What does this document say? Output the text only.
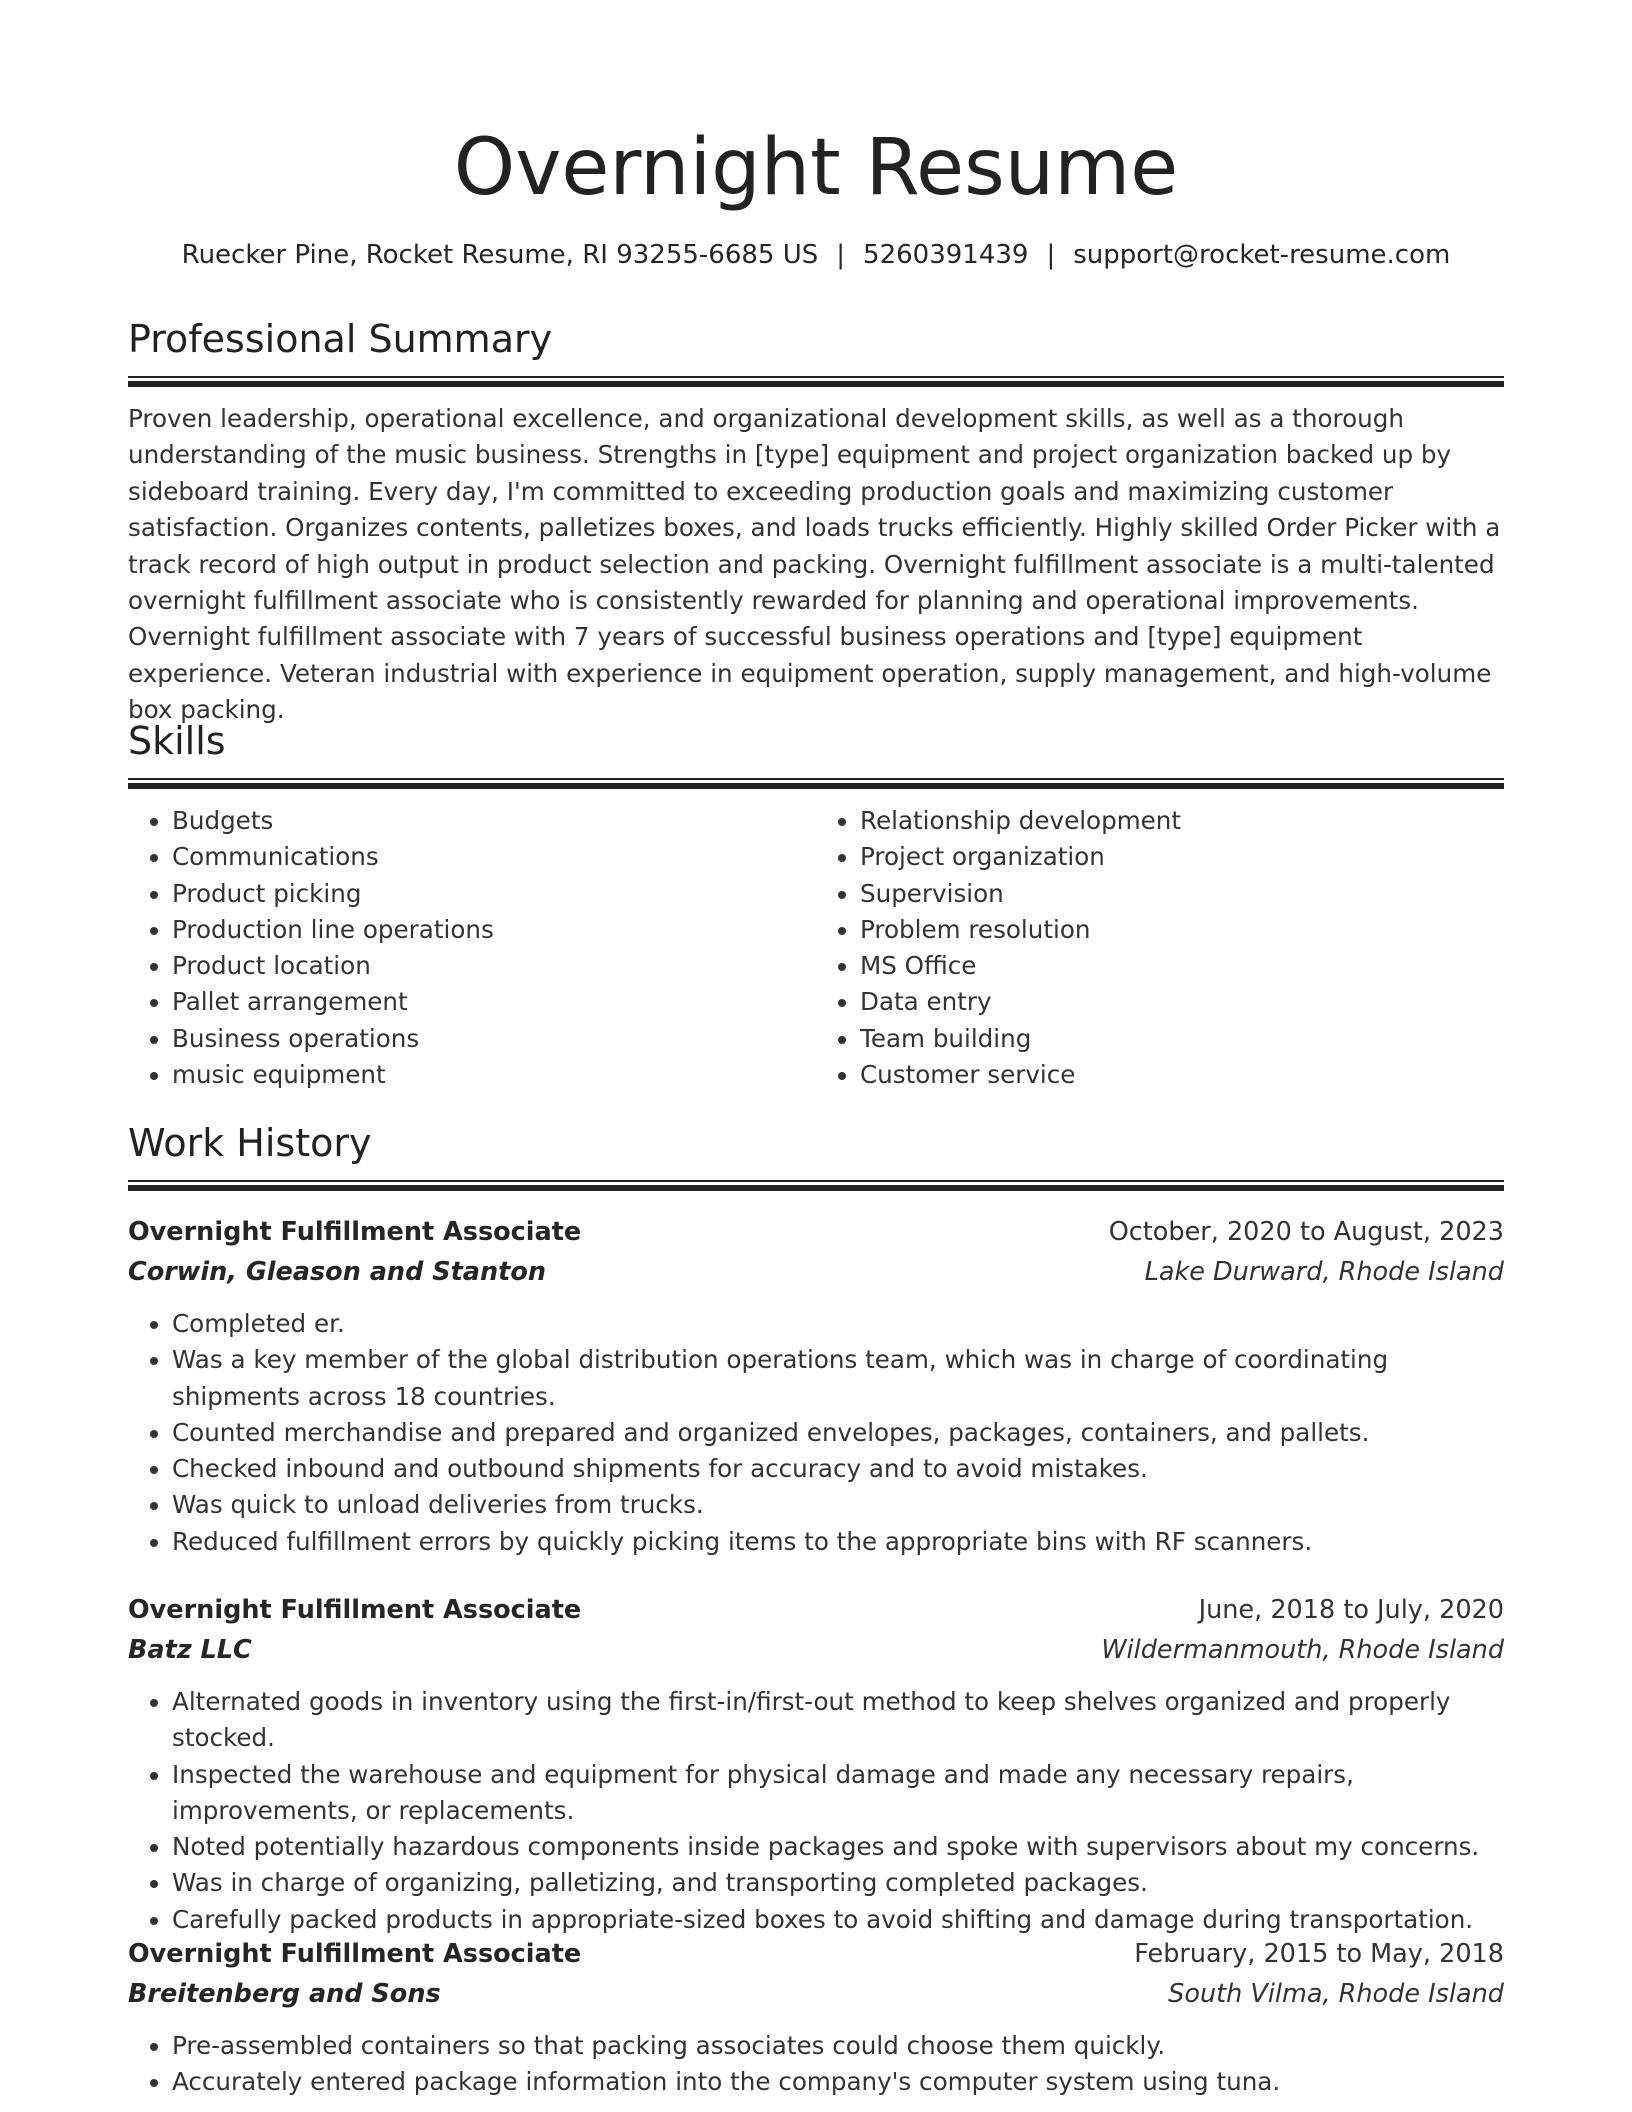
Overnight Resume

Ruecker Pine, Rocket Resume, RI 93255-6685 US | 5260391439 | support@rocket-resume.com

Professional Summary

Proven leadership, operational excellence, and organizational development skills, as well as a thorough understanding of the music business. Strengths in [type] equipment and project organization backed up by sideboard training. Every day, I'm committed to exceeding production goals and maximizing customer satisfaction. Organizes contents, palletizes boxes, and loads trucks efficiently. Highly skilled Order Picker with a track record of high output in product selection and packing. Overnight fulfillment associate is a multi-talented overnight fulfillment associate who is consistently rewarded for planning and operational improvements. Overnight fulfillment associate with 7 years of successful business operations and [type] equipment experience. Veteran industrial with experience in equipment operation, supply management, and high-volume box packing.

Skills
• Budgets
• Communications
• Product picking
• Production line operations
• Product location
• Pallet arrangement
• Business operations
• music equipment
• Relationship development
• Project organization
• Supervision
• Problem resolution
• MS Office
• Data entry
• Team building
• Customer service
Work History
Overnight Fulfillment Associate	October, 2020 to August, 2023
Corwin, Gleason and Stanton	Lake Durward, Rhode Island
• Completed er.
• Was a key member of the global distribution operations team, which was in charge of coordinating shipments across 18 countries.
• Counted merchandise and prepared and organized envelopes, packages, containers, and pallets.
• Checked inbound and outbound shipments for accuracy and to avoid mistakes.
• Was quick to unload deliveries from trucks.
• Reduced fulfillment errors by quickly picking items to the appropriate bins with RF scanners.
Overnight Fulfillment Associate	June, 2018 to July, 2020
Batz LLC	Wildermanmouth, Rhode Island
• Alternated goods in inventory using the first-in/first-out method to keep shelves organized and properly stocked.
• Inspected the warehouse and equipment for physical damage and made any necessary repairs, improvements, or replacements.
• Noted potentially hazardous components inside packages and spoke with supervisors about my concerns.
• Was in charge of organizing, palletizing, and transporting completed packages.
• Carefully packed products in appropriate-sized boxes to avoid shifting and damage during transportation.
Overnight Fulfillment Associate	February, 2015 to May, 2018
Breitenberg and Sons	South Vilma, Rhode Island
• Pre-assembled containers so that packing associates could choose them quickly.
• Accurately entered package information into the company's computer system using tuna.
